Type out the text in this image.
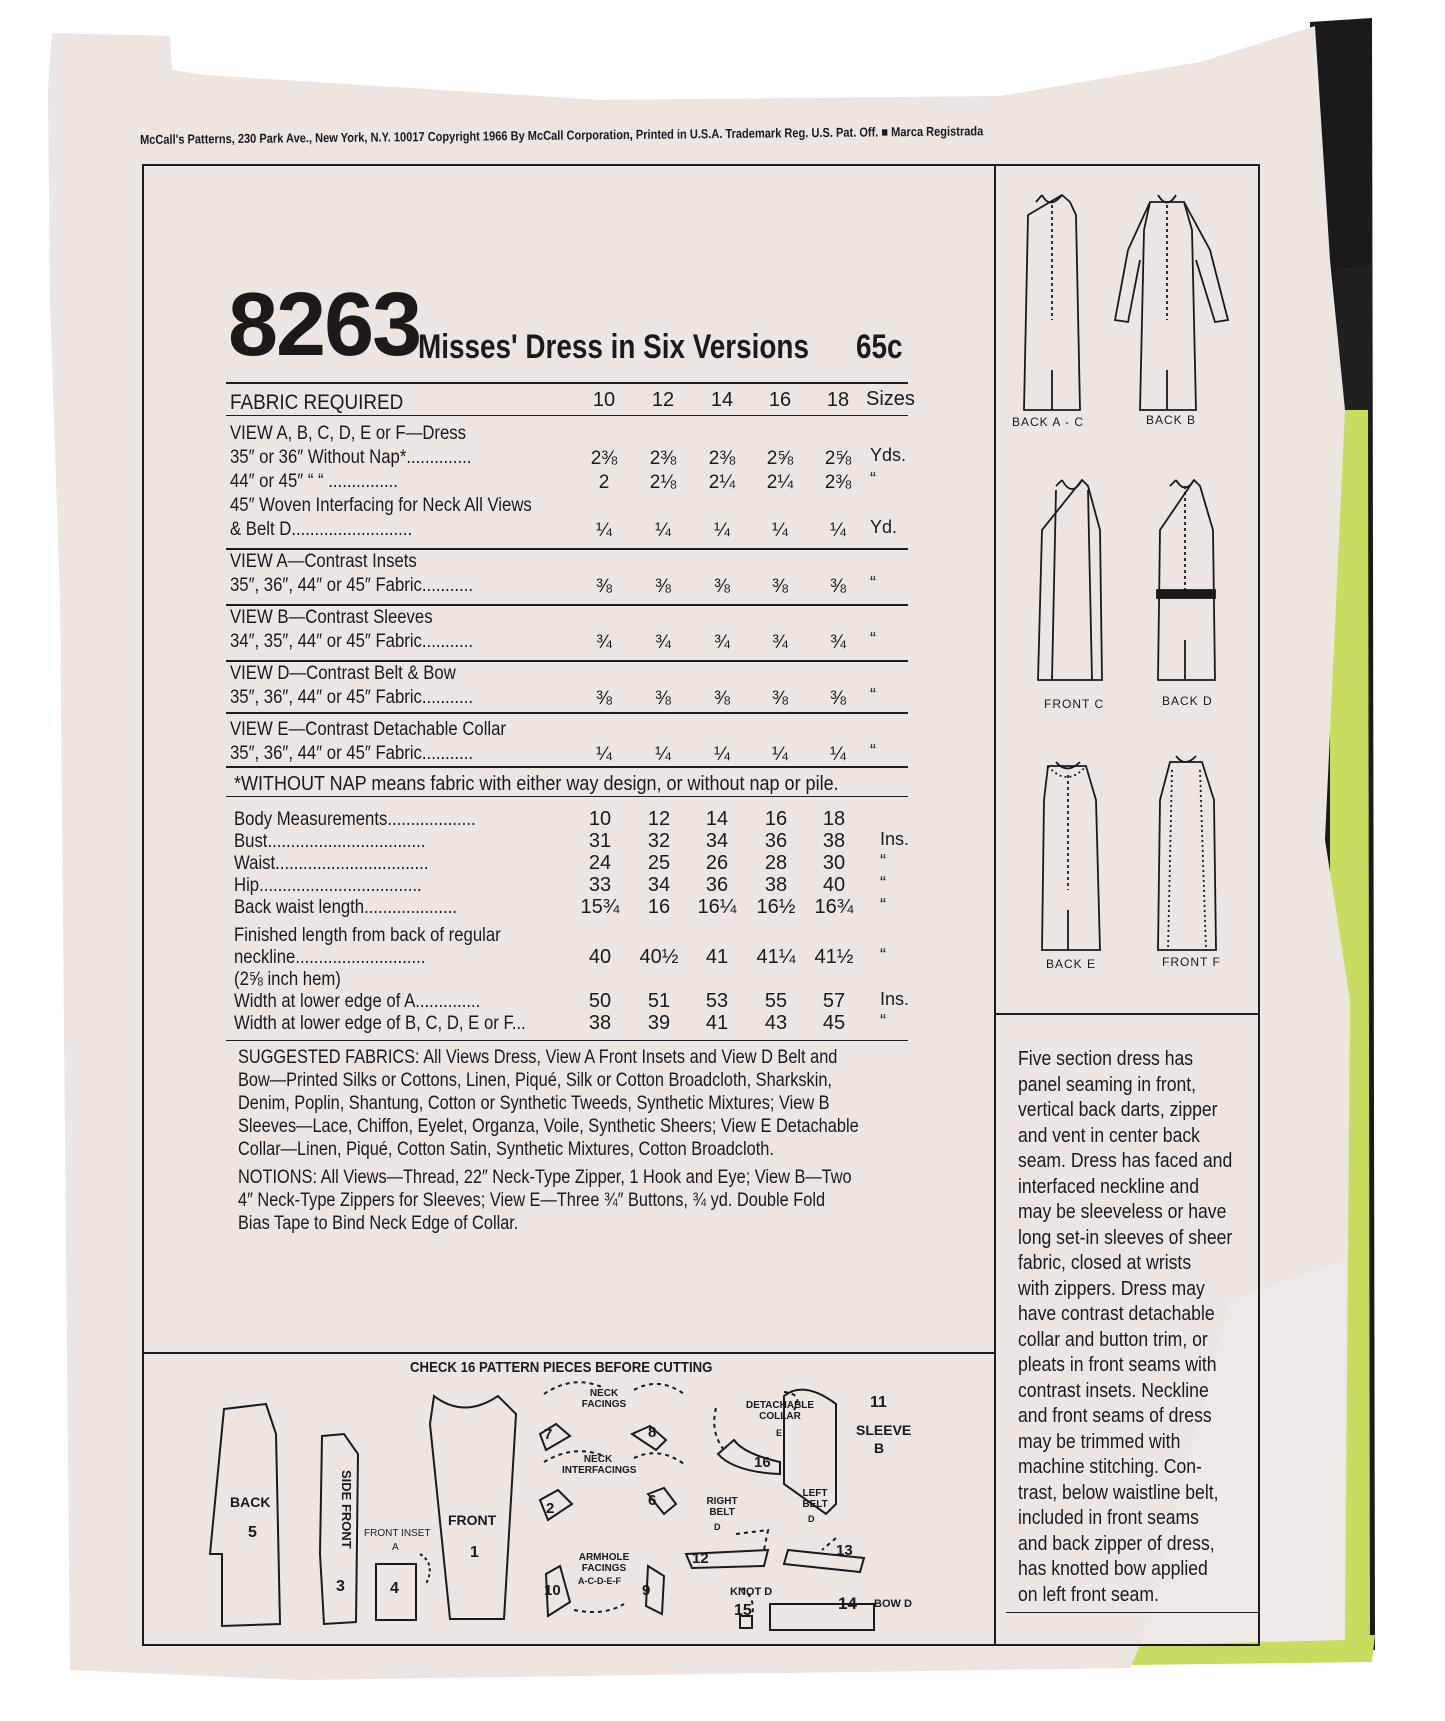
McCall's Patterns, 230 Park Ave., New York, N.Y. 10017 Copyright 1966 By McCall Corporation, Printed in U.S.A. Trademark Reg. U.S. Pat. Off. ■ Marca Registrada
8263
Misses' Dress in Six Versions 65c
FABRIC REQUIRED	10	12	14	16	18 Sizes
VIEW A, B, C, D, E or F—Dress
35″ or 36″ Without Nap*..............	2⅜	2⅜	2⅜	2⅝	2⅝	Yds.
44″ or 45″ “ “ ...............	2	2⅛	2¼	2¼	2⅜	“
45″ Woven Interfacing for Neck All Views
& Belt D..........................	¼	¼	¼	¼	¼	Yd.
VIEW A—Contrast Insets
35″, 36″, 44″ or 45″ Fabric...........	⅜	⅜	⅜	⅜	⅜	“
VIEW B—Contrast Sleeves
34″, 35″, 44″ or 45″ Fabric...........	¾	¾	¾	¾	¾	“
VIEW D—Contrast Belt & Bow
35″, 36″, 44″ or 45″ Fabric...........	⅜	⅜	⅜	⅜	⅜	“
VIEW E—Contrast Detachable Collar
35″, 36″, 44″ or 45″ Fabric...........	¼	¼	¼	¼	¼	“
Body Measurements...................	10	12	14	16	18
Bust..................................	31	32	34	36	38	Ins.
Waist.................................	24	25	26	28	30	“
Hip...................................	33	34	36	38	40	“
Back waist length....................	15¾	16	16¼	16½ 16¾	“
Finished length from back of regular
neckline............................	40	40½	41	41¼ 41½	“
(2⅝ inch hem)
Width at lower edge of A..............	50	51	53	55	57	Ins.
Width at lower edge of B, C, D, E or F...	38	39	41	43	45	“
*WITHOUT NAP means fabric with either way design, or without nap or pile.
SUGGESTED FABRICS: All Views Dress, View A Front Insets and View D Belt and
Bow—Printed Silks or Cottons, Linen, Piqué, Silk or Cotton Broadcloth, Sharkskin,
Denim, Poplin, Shantung, Cotton or Synthetic Tweeds, Synthetic Mixtures; View B
Sleeves—Lace, Chiffon, Eyelet, Organza, Voile, Synthetic Sheers; View E Detachable
Collar—Linen, Piqué, Cotton Satin, Synthetic Mixtures, Cotton Broadcloth.
NOTIONS: All Views—Thread, 22″ Neck-Type Zipper, 1 Hook and Eye; View B—Two
4″ Neck-Type Zippers for Sleeves; View E—Three ¾″ Buttons, ¾ yd. Double Fold
Bias Tape to Bind Neck Edge of Collar.
BACK A - C	BACK B
FRONT C	BACK D
BACK E	FRONT F
Five section dress has
panel seaming in front,
vertical back darts, zipper
and vent in center back
seam. Dress has faced and
interfaced neckline and
may be sleeveless or have
long set-in sleeves of sheer
fabric, closed at wrists
with zippers. Dress may
have contrast detachable
collar and button trim, or
pleats in front seams with
contrast insets. Neckline
and front seams of dress
may be trimmed with
machine stitching. Con-
trast, below waistline belt,
included in front seams
and back zipper of dress,
has knotted bow applied
on left front seam.
CHECK 16 PATTERN PIECES BEFORE CUTTING
BACK
5	SIDE FRONT
3
FRONT INSET
A
4
FRONT
1
NECK FACINGS
7	8
NECK INTERFACINGS
2	6
ARMHOLE FACINGS
A-C-D-E-F
10	9
DETACHABLE COLLAR
E
16
RIGHT BELT
D
12
LEFT BELT
D
13
KNOT D
15	14 BOW D
11
SLEEVE
B
